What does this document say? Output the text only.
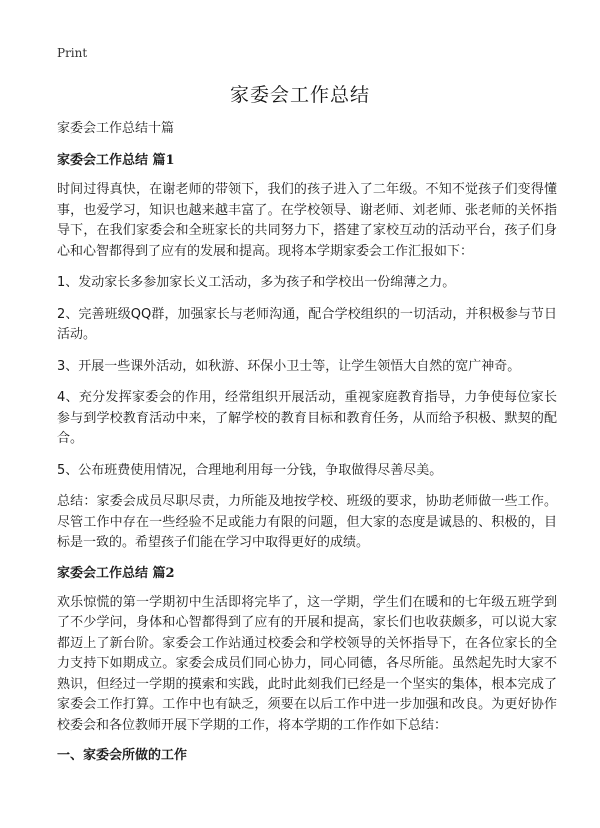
Print
家委会工作总结
家委会工作总结十篇
家委会工作总结 篇1

时间过得真快，在谢老师的带领下，我们的孩子进入了二年级。不知不觉孩子们变得懂事，也爱学习，知识也越来越丰富了。在学校领导、谢老师、刘老师、张老师的关怀指导下，在我们家委会和全班家长的共同努力下，搭建了家校互动的活动平台，孩子们身心和心智都得到了应有的发展和提高。现将本学期家委会工作汇报如下：

1、发动家长多参加家长义工活动，多为孩子和学校出一份绵薄之力。

2、完善班级QQ群，加强家长与老师沟通，配合学校组织的一切活动，并积极参与节日活动。

3、开展一些课外活动，如秋游、环保小卫士等，让学生领悟大自然的宽广神奇。

4、充分发挥家委会的作用，经常组织开展活动，重视家庭教育指导，力争使每位家长参与到学校教育活动中来，了解学校的教育目标和教育任务，从而给予积极、默契的配合。

5、公布班费使用情况，合理地利用每一分钱，争取做得尽善尽美。

总结：家委会成员尽职尽责，力所能及地按学校、班级的要求，协助老师做一些工作。尽管工作中存在一些经验不足或能力有限的问题，但大家的态度是诚恳的、积极的，目标是一致的。希望孩子们能在学习中取得更好的成绩。

家委会工作总结 篇2

欢乐惊慌的第一学期初中生活即将完毕了，这一学期，学生们在暖和的七年级五班学到了不少学问，身体和心智都得到了应有的开展和提高，家长们也收获颇多，可以说大家都迈上了新台阶。家委会工作站通过校委会和学校领导的关怀指导下，在各位家长的全力支持下如期成立。家委会成员们同心协力，同心同德，各尽所能。虽然起先时大家不熟识，但经过一学期的摸索和实践，此时此刻我们已经是一个坚实的集体，根本完成了家委会工作打算。工作中也有缺乏，须要在以后工作中进一步加强和改良。为更好协作校委会和各位教师开展下学期的工作，将本学期的工作作如下总结：

一、家委会所做的工作
